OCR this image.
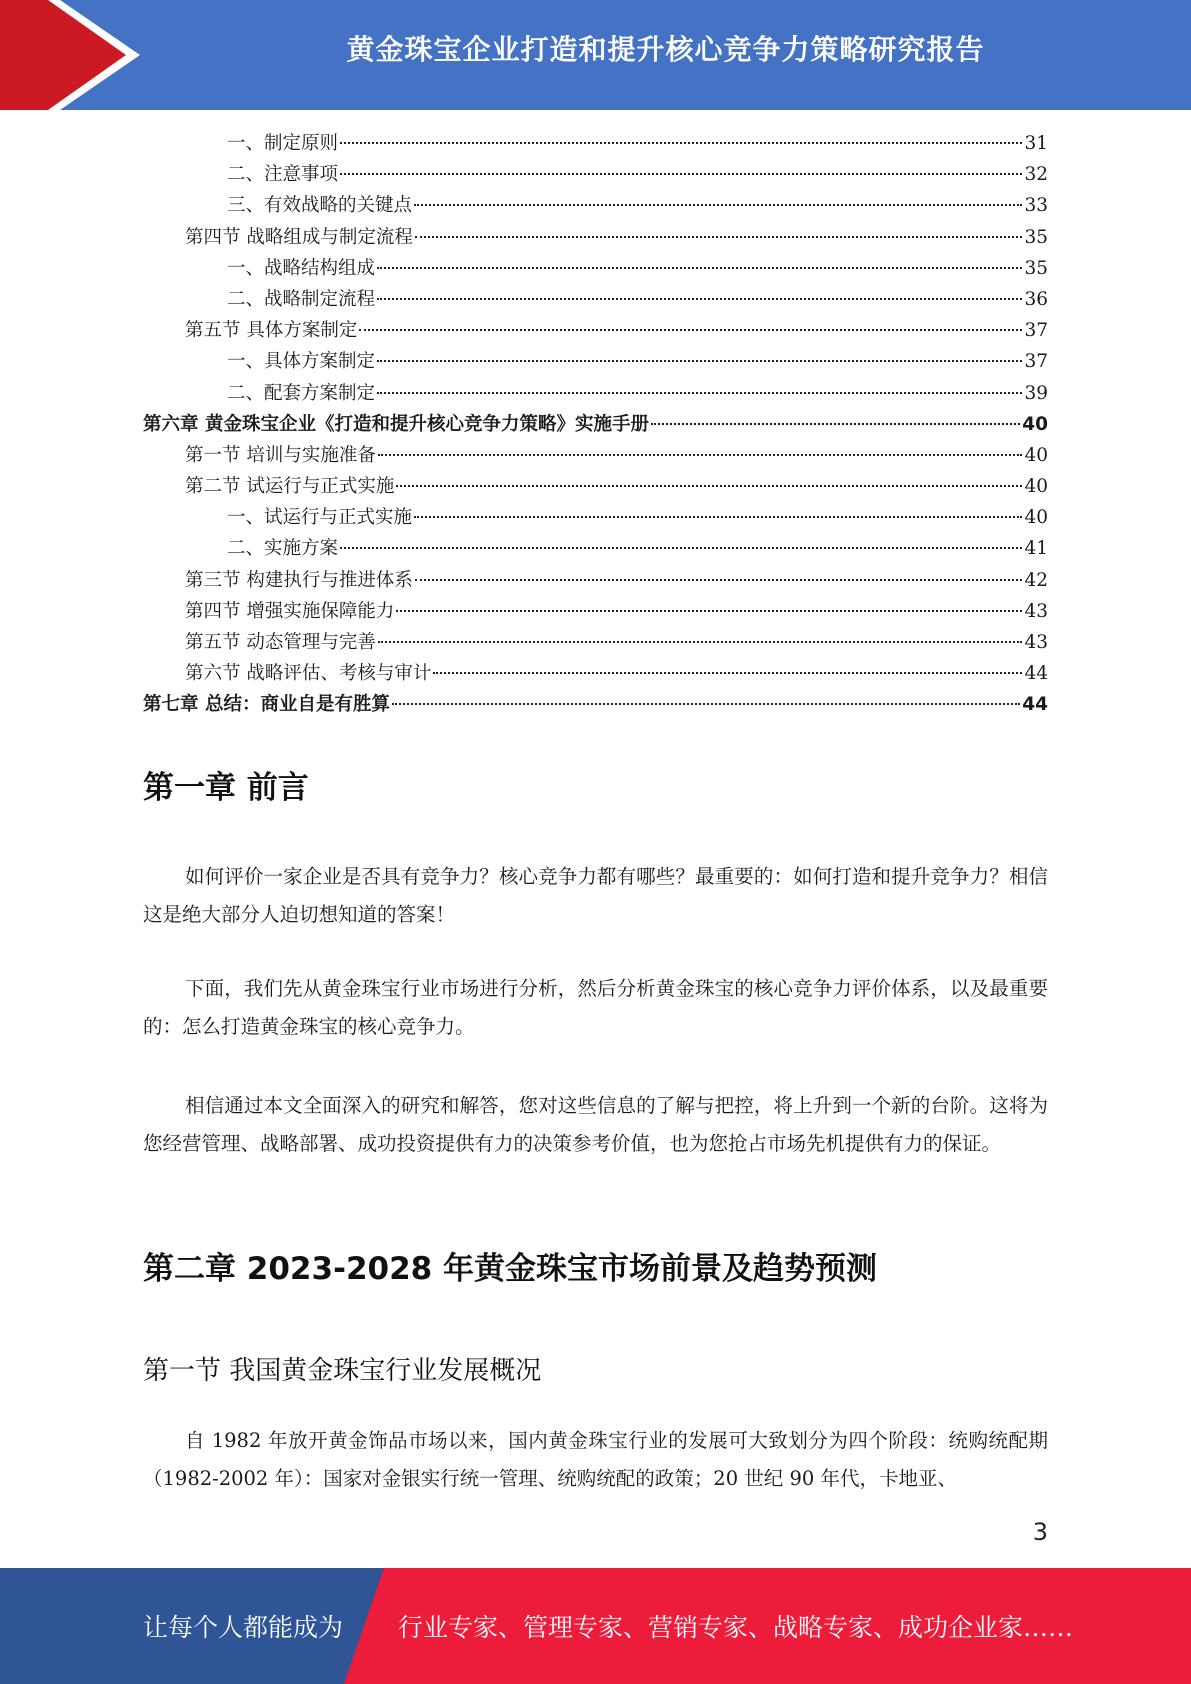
黄金珠宝企业打造和提升核心竞争力策略研究报告
一、制定原则	31
二、注意事项	32
三、有效战略的关键点	33
第四节 战略组成与制定流程	35
一、战略结构组成	35
二、战略制定流程	36
第五节 具体方案制定	37
一、具体方案制定	37
二、配套方案制定	39
第六章 黄金珠宝企业《打造和提升核心竞争力策略》实施手册	40
第一节 培训与实施准备	40
第二节 试运行与正式实施	40
一、试运行与正式实施	40
二、实施方案	41
第三节 构建执行与推进体系	42
第四节 增强实施保障能力	43
第五节 动态管理与完善	43
第六节 战略评估、考核与审计	44
第七章 总结：商业自是有胜算	44
第一章 前言

如何评价一家企业是否具有竞争力？核心竞争力都有哪些？最重要的：如何打造和提升竞争力？相信这是绝大部分人迫切想知道的答案！

下面，我们先从黄金珠宝行业市场进行分析，然后分析黄金珠宝的核心竞争力评价体系，以及最重要的：怎么打造黄金珠宝的核心竞争力。

相信通过本文全面深入的研究和解答，您对这些信息的了解与把控，将上升到一个新的台阶。这将为您经营管理、战略部署、成功投资提供有力的决策参考价值，也为您抢占市场先机提供有力的保证。

第二章 2023-2028 年黄金珠宝市场前景及趋势预测
第一节 我国黄金珠宝行业发展概况

自 1982 年放开黄金饰品市场以来，国内黄金珠宝行业的发展可大致划分为四个阶段：统购统配期（1982-2002 年）：国家对金银实行统一管理、统购统配的政策；20 世纪 90 年代，卡地亚、

3
让每个人都能成为 行业专家、管理专家、营销专家、战略专家、成功企业家……
